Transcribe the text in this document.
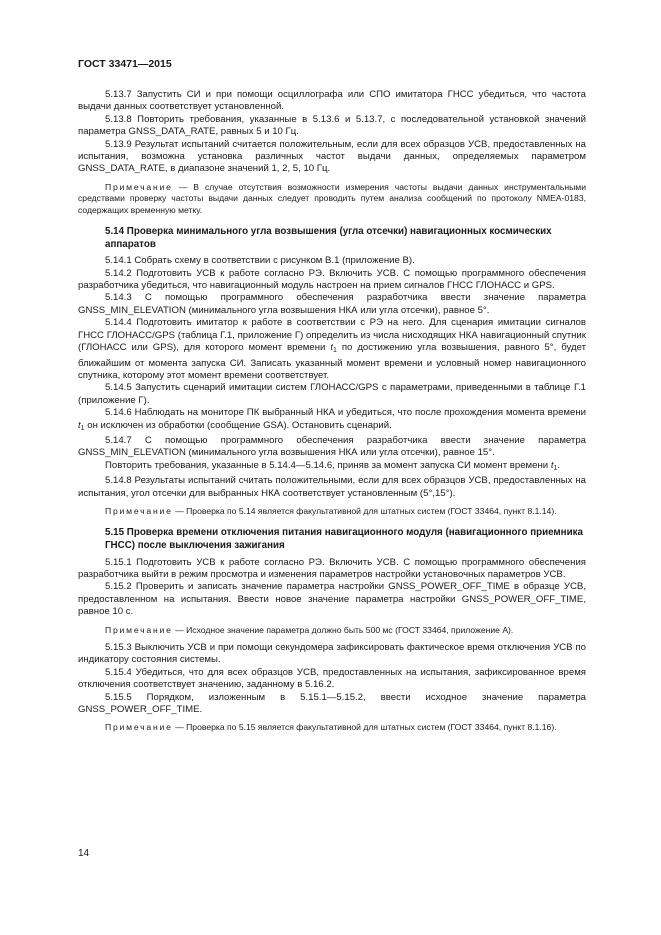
ГОСТ 33471—2015

5.13.7 Запустить СИ и при помощи осциллографа или СПО имитатора ГНСС убедиться, что частота выдачи данных соответствует установленной.

5.13.8 Повторить требования, указанные в 5.13.6 и 5.13.7, с последовательной установкой значений параметра GNSS_DATA_RATE, равных 5 и 10 Гц.

5.13.9 Результат испытаний считается положительным, если для всех образцов УСВ, предоставленных на испытания, возможна установка различных частот выдачи данных, определяемых параметром GNSS_DATA_RATE, в диапазоне значений 1, 2, 5, 10 Гц.

Примечание — В случае отсутствия возможности измерения частоты выдачи данных инструментальными средствами проверку частоты выдачи данных следует проводить путем анализа сообщений по протоколу NMEA-0183, содержащих временную метку.
5.14 Проверка минимального угла возвышения (угла отсечки) навигационных космических аппаратов

5.14.1 Собрать схему в соответствии с рисунком В.1 (приложение В).

5.14.2 Подготовить УСВ к работе согласно РЭ. Включить УСВ. С помощью программного обеспечения разработчика убедиться, что навигационный модуль настроен на прием сигналов ГНСС ГЛОНАСС и GPS.

5.14.3 С помощью программного обеспечения разработчика ввести значение параметра GNSS_MIN_ELEVATION (минимального угла возвышения НКА или угла отсечки), равное 5°.

5.14.4 Подготовить имитатор к работе в соответствии с РЭ на него. Для сценария имитации сигналов ГНСС ГЛОНАСС/GPS (таблица Г.1, приложение Г) определить из числа нисходящих НКА навигационный спутник (ГЛОНАСС или GPS), для которого момент времени $t_1$ по достижению угла возвышения, равного 5°, будет ближайшим от момента запуска СИ. Записать указанный момент времени и условный номер навигационного спутника, которому этот момент времени соответствует.

5.14.5 Запустить сценарий имитации систем ГЛОНАСС/GPS с параметрами, приведенными в таблице Г.1 (приложение Г).

5.14.6 Наблюдать на мониторе ПК выбранный НКА и убедиться, что после прохождения момента времени $t_1$ он исключен из обработки (сообщение GSA). Остановить сценарий.

5.14.7 С помощью программного обеспечения разработчика ввести значение параметра GNSS_MIN_ELEVATION (минимального угла возвышения НКА или угла отсечки), равное 15°.

Повторить требования, указанные в 5.14.4—5.14.6, приняв за момент запуска СИ момент времени $t_1$.

5.14.8 Результаты испытаний считать положительными, если для всех образцов УСВ, предоставленных на испытания, угол отсечки для выбранных НКА соответствует установленным (5°,15°).

Примечание — Проверка по 5.14 является факультативной для штатных систем (ГОСТ 33464, пункт 8.1.14).
5.15 Проверка времени отключения питания навигационного модуля (навигационного приемника ГНСС) после выключения зажигания

5.15.1 Подготовить УСВ к работе согласно РЭ. Включить УСВ. С помощью программного обеспечения разработчика выйти в режим просмотра и изменения параметров настройки установочных параметров УСВ.

5.15.2 Проверить и записать значение параметра настройки GNSS_POWER_OFF_TIME в образце УСВ, предоставленном на испытания. Ввести новое значение параметра настройки GNSS_POWER_OFF_TIME, равное 10 с.

Примечание — Исходное значение параметра должно быть 500 мс (ГОСТ 33464, приложение А).

5.15.3 Выключить УСВ и при помощи секундомера зафиксировать фактическое время отключения УСВ по индикатору состояния системы.

5.15.4 Убедиться, что для всех образцов УСВ, предоставленных на испытания, зафиксированное время отключения соответствует значению, заданному в 5.16.2.

5.15.5 Порядком, изложенным в 5.15.1—5.15.2, ввести исходное значение параметра GNSS_POWER_OFF_TIME.

Примечание — Проверка по 5.15 является факультативной для штатных систем (ГОСТ 33464, пункт 8.1.16).
14
